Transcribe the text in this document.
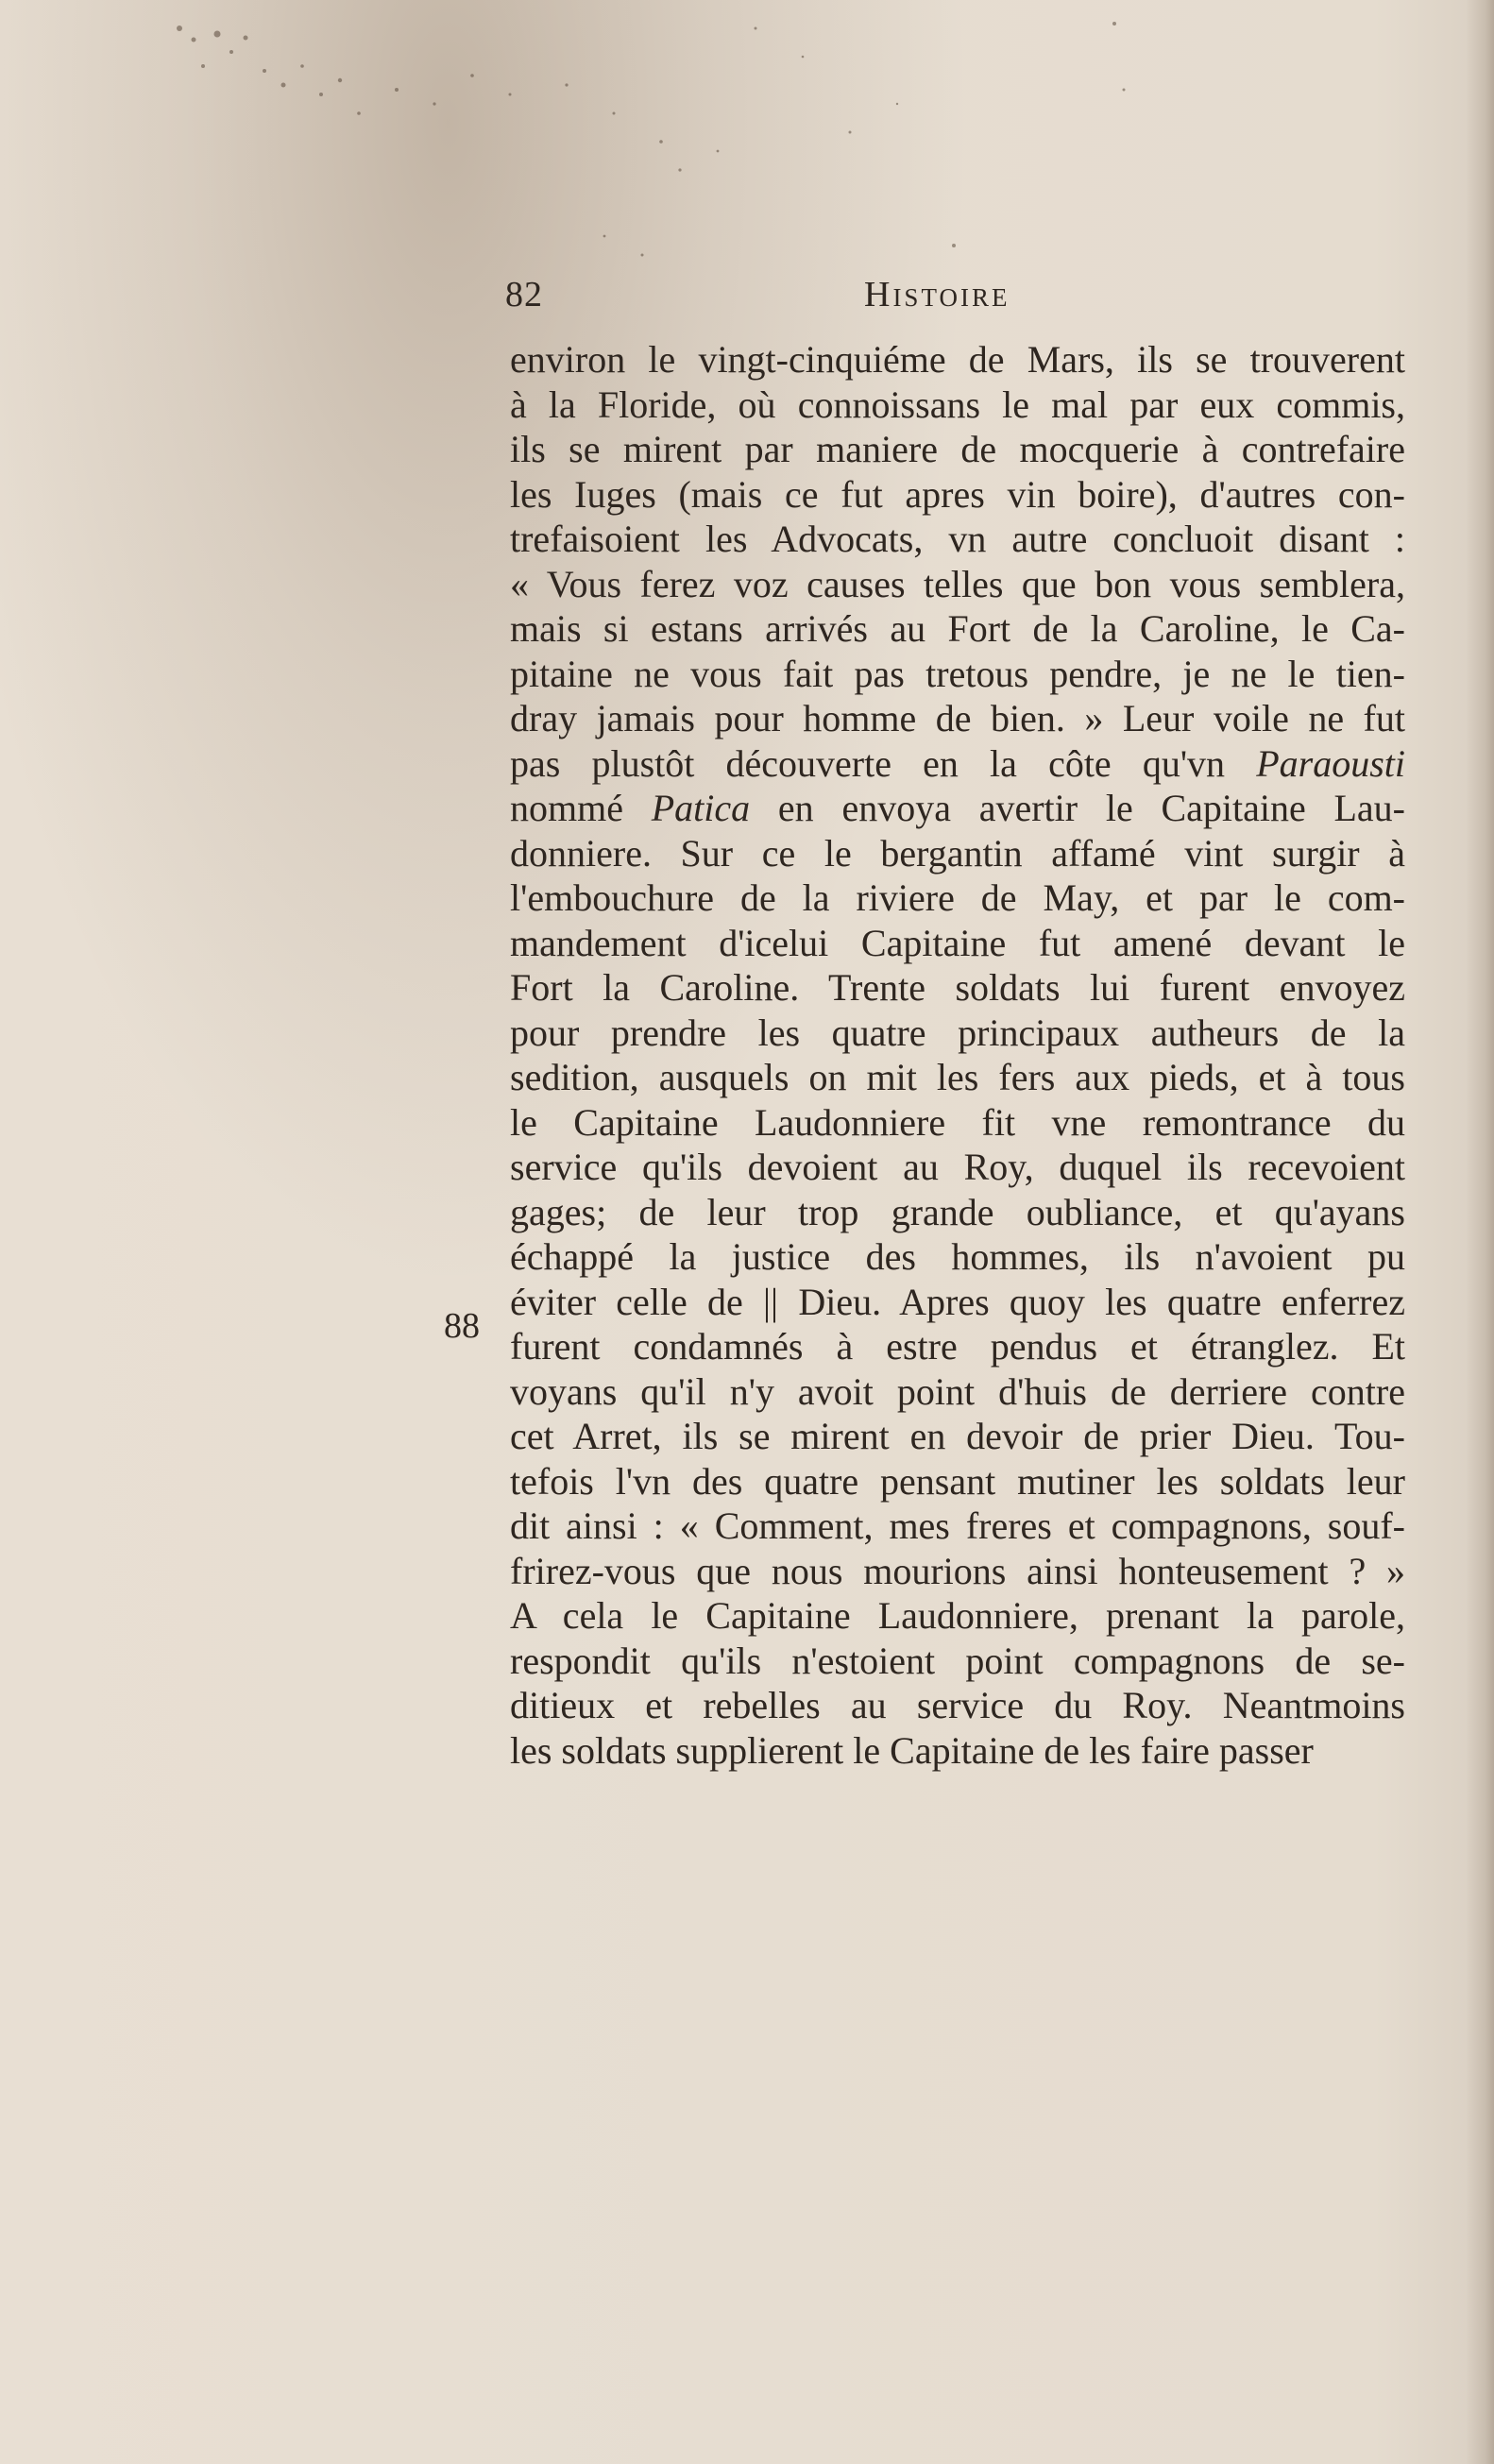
82	Histoire
88
environ le vingt-cinquiéme de Mars, ils se trouverent
à la Floride, où connoissans le mal par eux commis,
ils se mirent par maniere de mocquerie à contrefaire
les Iuges (mais ce fut apres vin boire), d'autres con-
trefaisoient les Advocats, vn autre concluoit disant :
« Vous ferez voz causes telles que bon vous semblera,
mais si estans arrivés au Fort de la Caroline, le Ca-
pitaine ne vous fait pas tretous pendre, je ne le tien-
dray jamais pour homme de bien. » Leur voile ne fut
pas plustôt découverte en la côte qu'vn Paraousti
nommé Patica en envoya avertir le Capitaine Lau-
donniere. Sur ce le bergantin affamé vint surgir à
l'embouchure de la riviere de May, et par le com-
mandement d'icelui Capitaine fut amené devant le
Fort la Caroline. Trente soldats lui furent envoyez
pour prendre les quatre principaux autheurs de la
sedition, ausquels on mit les fers aux pieds, et à tous
le Capitaine Laudonniere fit vne remontrance du
service qu'ils devoient au Roy, duquel ils recevoient
gages; de leur trop grande oubliance, et qu'ayans
échappé la justice des hommes, ils n'avoient pu
éviter celle de || Dieu. Apres quoy les quatre enferrez
furent condamnés à estre pendus et étranglez. Et
voyans qu'il n'y avoit point d'huis de derriere contre
cet Arret, ils se mirent en devoir de prier Dieu. Tou-
tefois l'vn des quatre pensant mutiner les soldats leur
dit ainsi : « Comment, mes freres et compagnons, souf-
frirez-vous que nous mourions ainsi honteusement ? »
A cela le Capitaine Laudonniere, prenant la parole,
respondit qu'ils n'estoient point compagnons de se-
ditieux et rebelles au service du Roy. Neantmoins
les soldats supplierent le Capitaine de les faire passer
